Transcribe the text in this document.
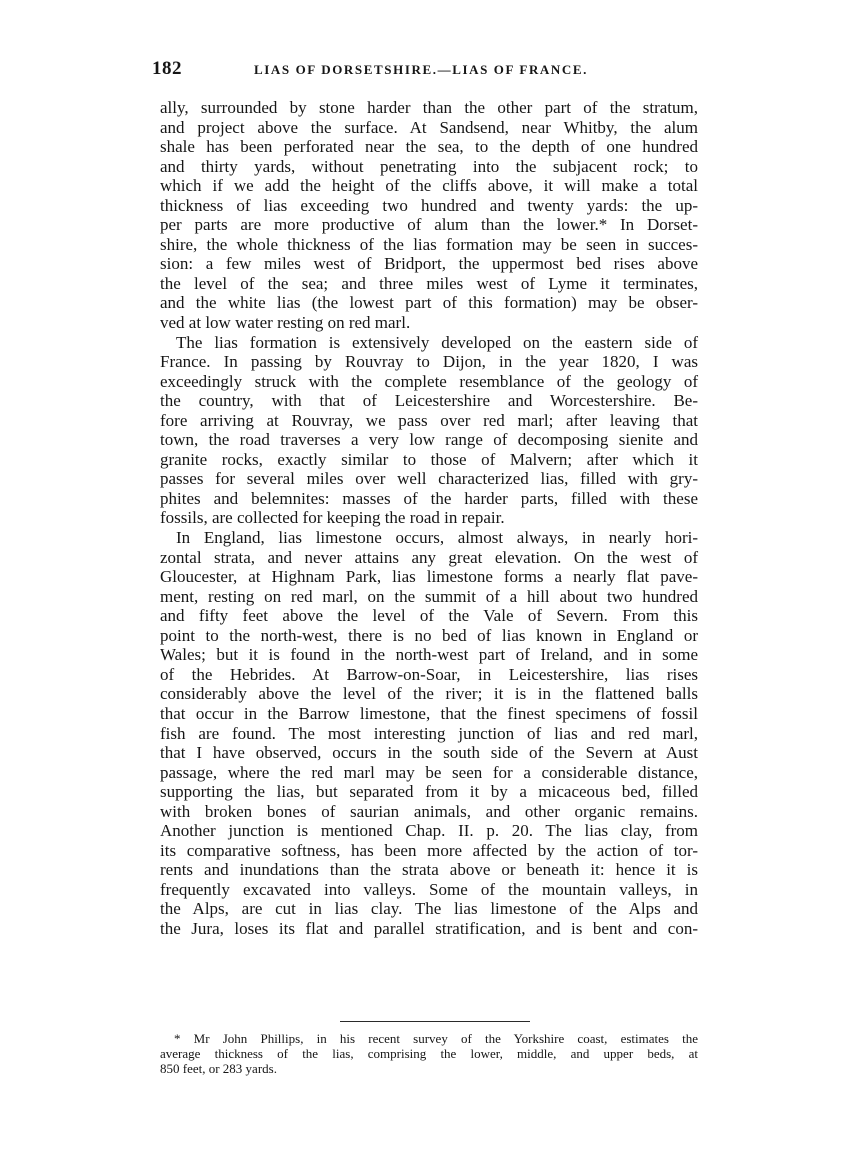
182	LIAS OF DORSETSHIRE.—LIAS OF FRANCE.
ally, surrounded by stone harder than the other part of the stratum,
and project above the surface. At Sandsend, near Whitby, the alum
shale has been perforated near the sea, to the depth of one hundred
and thirty yards, without penetrating into the subjacent rock; to
which if we add the height of the cliffs above, it will make a total
thickness of lias exceeding two hundred and twenty yards: the up-
per parts are more productive of alum than the lower.* In Dorset-
shire, the whole thickness of the lias formation may be seen in succes-
sion: a few miles west of Bridport, the uppermost bed rises above
the level of the sea; and three miles west of Lyme it terminates,
and the white lias (the lowest part of this formation) may be obser-
ved at low water resting on red marl.
The lias formation is extensively developed on the eastern side of
France. In passing by Rouvray to Dijon, in the year 1820, I was
exceedingly struck with the complete resemblance of the geology of
the country, with that of Leicestershire and Worcestershire. Be-
fore arriving at Rouvray, we pass over red marl; after leaving that
town, the road traverses a very low range of decomposing sienite and
granite rocks, exactly similar to those of Malvern; after which it
passes for several miles over well characterized lias, filled with gry-
phites and belemnites: masses of the harder parts, filled with these
fossils, are collected for keeping the road in repair.
In England, lias limestone occurs, almost always, in nearly hori-
zontal strata, and never attains any great elevation. On the west of
Gloucester, at Highnam Park, lias limestone forms a nearly flat pave-
ment, resting on red marl, on the summit of a hill about two hundred
and fifty feet above the level of the Vale of Severn. From this
point to the north-west, there is no bed of lias known in England or
Wales; but it is found in the north-west part of Ireland, and in some
of the Hebrides. At Barrow-on-Soar, in Leicestershire, lias rises
considerably above the level of the river; it is in the flattened balls
that occur in the Barrow limestone, that the finest specimens of fossil
fish are found. The most interesting junction of lias and red marl,
that I have observed, occurs in the south side of the Severn at Aust
passage, where the red marl may be seen for a considerable distance,
supporting the lias, but separated from it by a micaceous bed, filled
with broken bones of saurian animals, and other organic remains.
Another junction is mentioned Chap. II. p. 20. The lias clay, from
its comparative softness, has been more affected by the action of tor-
rents and inundations than the strata above or beneath it: hence it is
frequently excavated into valleys. Some of the mountain valleys, in
the Alps, are cut in lias clay. The lias limestone of the Alps and
the Jura, loses its flat and parallel stratification, and is bent and con-
* Mr John Phillips, in his recent survey of the Yorkshire coast, estimates the
average thickness of the lias, comprising the lower, middle, and upper beds, at
850 feet, or 283 yards.
